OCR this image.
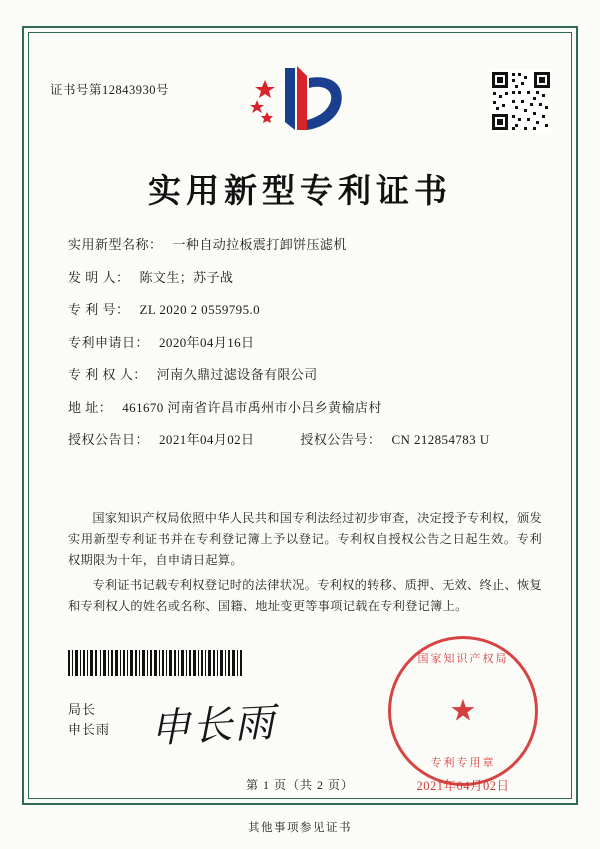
证书号第12843930号
实用新型专利证书
实用新型名称： 一种自动拉板震打卸饼压滤机
发 明 人： 陈文生；苏子战
专 利 号： ZL 2020 2 0559795.0
专利申请日： 2020年04月16日
专 利 权 人： 河南久鼎过滤设备有限公司
地 址： 461670 河南省许昌市禹州市小吕乡黄榆店村
授权公告日： 2021年04月02日	授权公告号： CN 212854783 U

国家知识产权局依照中华人民共和国专利法经过初步审查，决定授予专利权，颁发实用新型专利证书并在专利登记簿上予以登记。专利权自授权公告之日起生效。专利权期限为十年，自申请日起算。

专利证书记载专利权登记时的法律状况。专利权的转移、质押、无效、终止、恢复和专利权人的姓名或名称、国籍、地址变更等事项记载在专利登记簿上。

局长
申长雨 申长雨
国家知识产权局
★
专利专用章
2021年04月02日
第 1 页（共 2 页）
其他事项参见证书
